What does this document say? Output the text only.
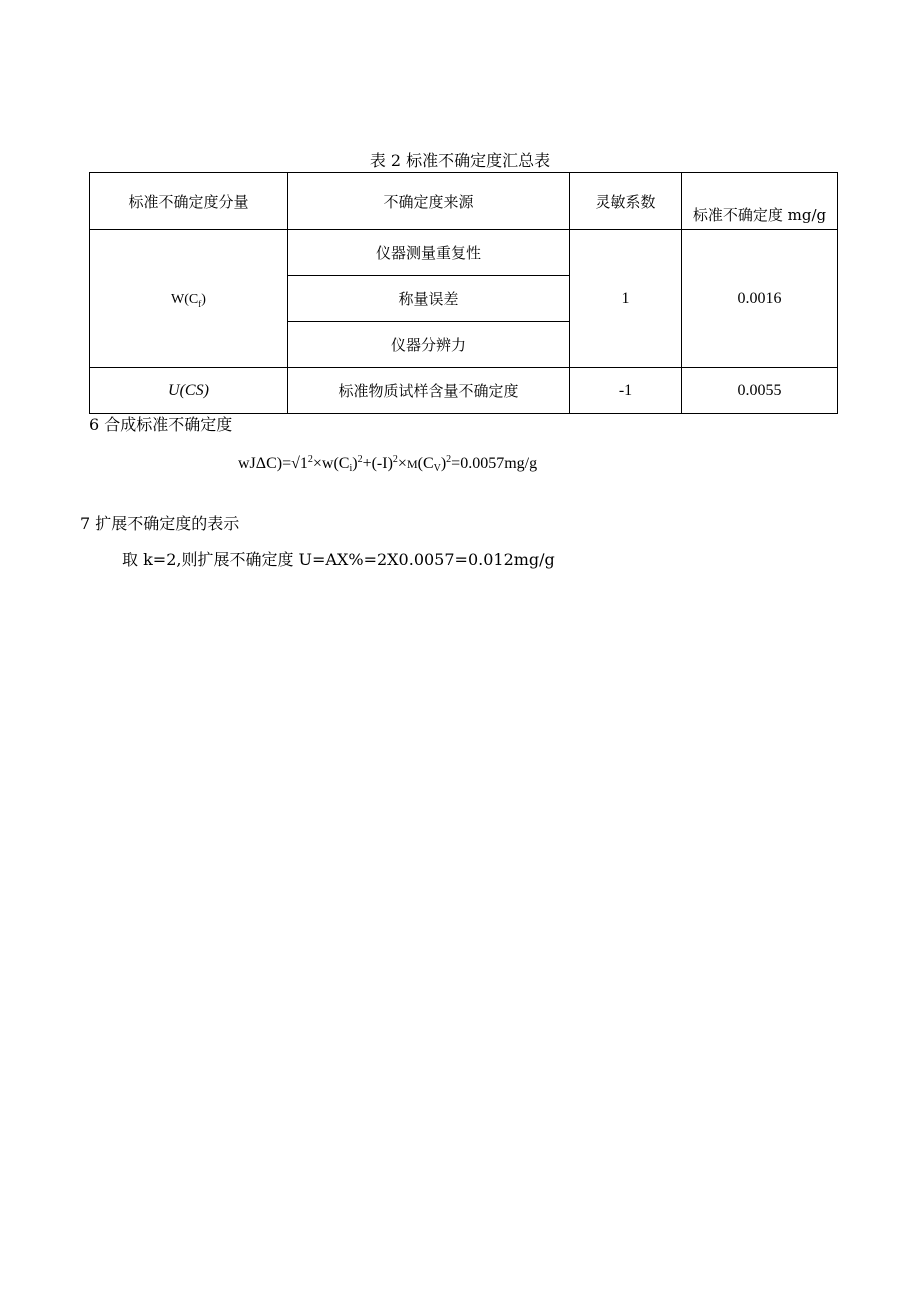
表 2 标准不确定度汇总表
标准不确定度分量	不确定度来源	灵敏系数	标准不确定度 mg/g
$W(C_f)$	仪器测量重复性	1	0.0016
	称量误差		
	仪器分辨力		
U(CS)	标准物质试样含量不确定度	-1	0.0055
6 合成标准不确定度
$wJ\Delta C)=√1^2\times w(C_i)^2+(-I)^2\times M(C_V)^2=0.0057mg/g$
7 扩展不确定度的表示
取 k=2,则扩展不确定度 U=AX%=2X0.0057=0.012mg∕g
